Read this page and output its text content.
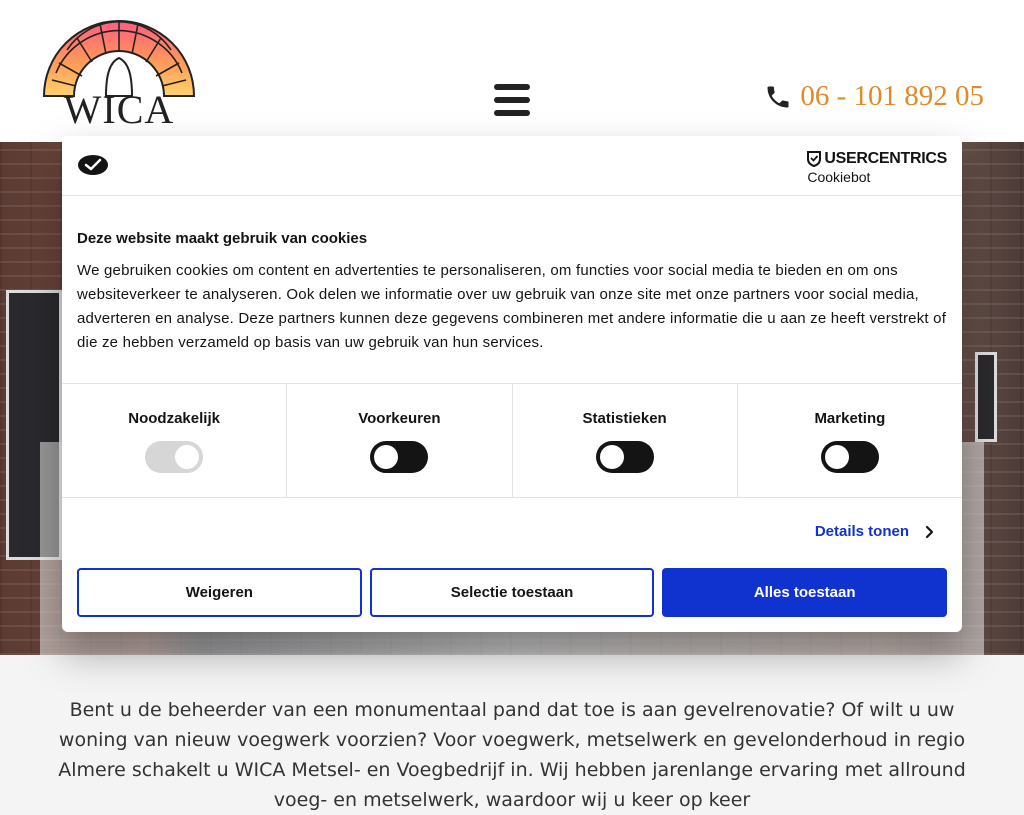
WICA	06 - 101 892 05
Bent u de beheerder van een monumentaal pand dat toe is aan gevelrenovatie? Of wilt u uw woning van nieuw voegwerk voorzien? Voor voegwerk, metselwerk en gevelonderhoud in regio Almere schakelt u WICA Metsel- en Voegbedrijf in. Wij hebben jarenlange ervaring met allround voeg- en metselwerk, waardoor wij u keer op keer
USERCENTRICS
Cookiebot
Deze website maakt gebruik van cookies
We gebruiken cookies om content en advertenties te personaliseren, om functies voor social media te bieden en om ons websiteverkeer te analyseren. Ook delen we informatie over uw gebruik van onze site met onze partners voor social media, adverteren en analyse. Deze partners kunnen deze gegevens combineren met andere informatie die u aan ze heeft verstrekt of die ze hebben verzameld op basis van uw gebruik van hun services.
Noodzakelijk	Voorkeuren	Statistieken	Marketing
Details tonen
Weigeren	Selectie toestaan	Alles toestaan
